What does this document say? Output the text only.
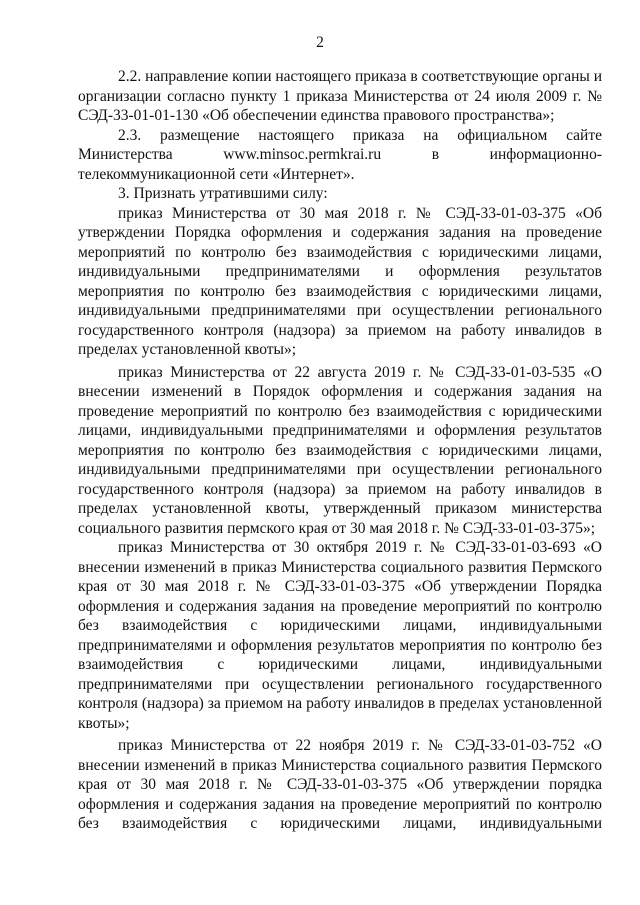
2
2.2. направление копии настоящего приказа в соответствующие органы и организации согласно пункту 1 приказа Министерства от 24 июля 2009 г. № СЭД-33-01-01-130 «Об обеспечении единства правового пространства»;
2.3. размещение настоящего приказа на официальном сайте Министерства www.minsoc.permkrai.ru в информационно-телекоммуникационной сети «Интернет».
3. Признать утратившими силу:
приказ Министерства от 30 мая 2018 г. № СЭД-33-01-03-375 «Об утверждении Порядка оформления и содержания задания на проведение мероприятий по контролю без взаимодействия с юридическими лицами, индивидуальными предпринимателями и оформления результатов мероприятия по контролю без взаимодействия с юридическими лицами, индивидуальными предпринимателями при осуществлении регионального государственного контроля (надзора) за приемом на работу инвалидов в пределах установленной квоты»;
приказ Министерства от 22 августа 2019 г. № СЭД-33-01-03-535 «О внесении изменений в Порядок оформления и содержания задания на проведение мероприятий по контролю без взаимодействия с юридическими лицами, индивидуальными предпринимателями и оформления результатов мероприятия по контролю без взаимодействия с юридическими лицами, индивидуальными предпринимателями при осуществлении регионального государственного контроля (надзора) за приемом на работу инвалидов в пределах установленной квоты, утвержденный приказом министерства социального развития пермского края от 30 мая 2018 г. № СЭД-33-01-03-375»;
приказ Министерства от 30 октября 2019 г. № СЭД-33-01-03-693 «О внесении изменений в приказ Министерства социального развития Пермского края от 30 мая 2018 г. № СЭД-33-01-03-375 «Об утверждении Порядка оформления и содержания задания на проведение мероприятий по контролю без взаимодействия с юридическими лицами, индивидуальными предпринимателями и оформления результатов мероприятия по контролю без взаимодействия с юридическими лицами, индивидуальными предпринимателями при осуществлении регионального государственного контроля (надзора) за приемом на работу инвалидов в пределах установленной квоты»;
приказ Министерства от 22 ноября 2019 г. № СЭД-33-01-03-752 «О внесении изменений в приказ Министерства социального развития Пермского края от 30 мая 2018 г. № СЭД-33-01-03-375 «Об утверждении порядка оформления и содержания задания на проведение мероприятий по контролю без взаимодействия с юридическими лицами, индивидуальными
